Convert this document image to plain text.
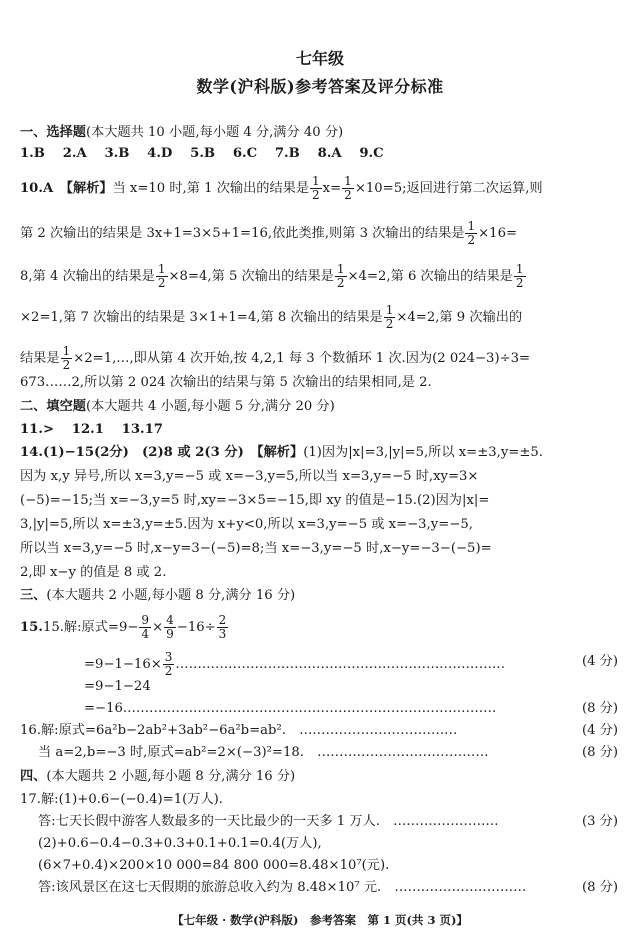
七年级
数学(沪科版)参考答案及评分标准
一、选择题(本大题共 10 小题,每小题 4 分,满分 40 分)
1.B　 2.A　 3.B　 4.D　 5.B　 6.C　 7.B　 8.A　 9.C
10.A　 【解析】当 x=10 时,第 1 次输出的结果是 $\frac{1}{2} x= \frac{1}{2} \times 10=5$;返回进行第二次运算,则
第 2 次输出的结果是 3x+1=3×5+1=16,依此类推,则第 3 次输出的结果是 $\frac{1}{2} \times 16=$
8,第 4 次输出的结果是 $\frac{1}{2} \times 8=4$,第 5 次输出的结果是 $\frac{1}{2} \times 4=2$,第 6 次输出的结果是 $\frac{1}{2}$
×2=1,第 7 次输出的结果是 3×1+1=4,第 8 次输出的结果是 $\frac{1}{2} \times 4=2$,第 9 次输出的
结果是 $\frac{1}{2}$ ×2=1,…,即从第 4 次开始,按 4,2,1 每 3 个数循环 1 次.因为(2 024−3)÷3=
673……2,所以第 2 024 次输出的结果与第 5 次输出的结果相同,是 2.
二、填空题(本大题共 4 小题,每小题 5 分,满分 20 分)
11.>　 12.1　 13.17
14.(1)−15(2分)　(2)8 或 2(3 分)　【解析】(1)因为|x|=3,|y|=5,所以 x=±3,y=±5.
因为 x,y 异号,所以 x=3,y=−5 或 x=−3,y=5,所以当 x=3,y=−5 时,xy=3×
(−5)=−15;当 x=−3,y=5 时,xy=−3×5=−15,即 xy 的值是−15.(2)因为|x|=
3,|y|=5,所以 x=±3,y=±5.因为 x+y<0,所以 x=3,y=−5 或 x=−3,y=−5,
所以当 x=3,y=−5 时,x−y=3−(−5)=8;当 x=−3,y=−5 时,x−y=−3−(−5)=
2,即 x−y 的值是 8 或 2.
三、(本大题共 2 小题,每小题 8 分,满分 16 分)
15.15.解:原式$=9- \frac{9}{4} \times \frac{4}{9} -16\div \frac{2}{3}$
$=9-1-16\times \frac{3}{2}$ …………………………………………………………………	(4 分)
=9−1−24
=−16.…………………………………………………………………………	(8 分)
16.解:原式=6a²b−2ab²+3ab²−6a²b=ab².　………………………………	(4 分)
当 a=2,b=−3 时,原式=ab²=2×(−3)²=18.　…………………………………	(8 分)
四、(本大题共 2 小题,每小题 8 分,满分 16 分)
17.解:(1)+0.6−(−0.4)=1(万人).
答:七天长假中游客人数最多的一天比最少的一天多 1 万人.　……………………	(3 分)
(2)+0.6−0.4−0.3+0.3+0.1+0.1=0.4(万人),
(6×7+0.4)×200×10 000=84 800 000=8.48×10⁷(元).
答:该风景区在这七天假期的旅游总收入约为 8.48×10⁷ 元.　…………………………	(8 分)
【七年级 · 数学(沪科版)　参考答案　第 1 页(共 3 页)】
